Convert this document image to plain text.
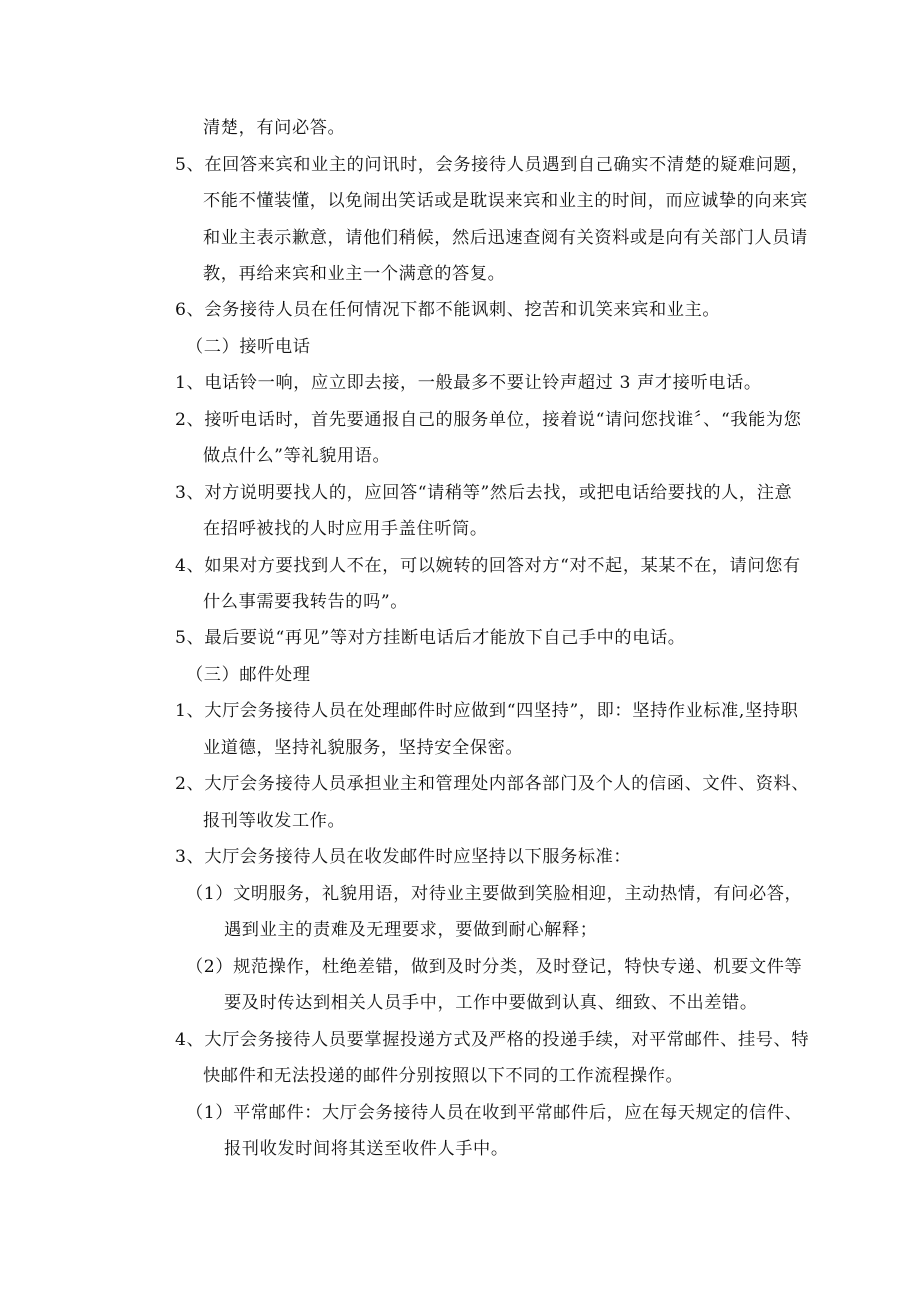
清楚，有问必答。
5、在回答来宾和业主的问讯时，会务接待人员遇到自己确实不清楚的疑难问题，
不能不懂装懂，以免闹出笑话或是耽误来宾和业主的时间，而应诚挚的向来宾
和业主表示歉意，请他们稍候，然后迅速查阅有关资料或是向有关部门人员请
教，再给来宾和业主一个满意的答复。
6、会务接待人员在任何情况下都不能讽刺、挖苦和讥笑来宾和业主。
（二）接听电话
1、电话铃一响，应立即去接，一般最多不要让铃声超过 3 声才接听电话。
2、接听电话时，首先要通报自己的服务单位，接着说“请问您找谁〞、“我能为您
做点什么”等礼貌用语。
3、对方说明要找人的，应回答“请稍等”然后去找，或把电话给要找的人，注意
在招呼被找的人时应用手盖住听筒。
4、如果对方要找到人不在，可以婉转的回答对方“对不起，某某不在，请问您有
什么事需要我转告的吗”。
5、最后要说“再见”等对方挂断电话后才能放下自己手中的电话。
（三）邮件处理
1、大厅会务接待人员在处理邮件时应做到“四坚持”，即：坚持作业标准,坚持职
业道德，坚持礼貌服务，坚持安全保密。
2、大厅会务接待人员承担业主和管理处内部各部门及个人的信函、文件、资料、
报刊等收发工作。
3、大厅会务接待人员在收发邮件时应坚持以下服务标准：
（1）文明服务，礼貌用语，对待业主要做到笑脸相迎，主动热情，有问必答，
遇到业主的责难及无理要求，要做到耐心解释；
（2）规范操作，杜绝差错，做到及时分类，及时登记，特快专递、机要文件等
要及时传达到相关人员手中，工作中要做到认真、细致、不出差错。
4、大厅会务接待人员要掌握投递方式及严格的投递手续，对平常邮件、挂号、特
快邮件和无法投递的邮件分别按照以下不同的工作流程操作。
（1）平常邮件：大厅会务接待人员在收到平常邮件后，应在每天规定的信件、
报刊收发时间将其送至收件人手中。
